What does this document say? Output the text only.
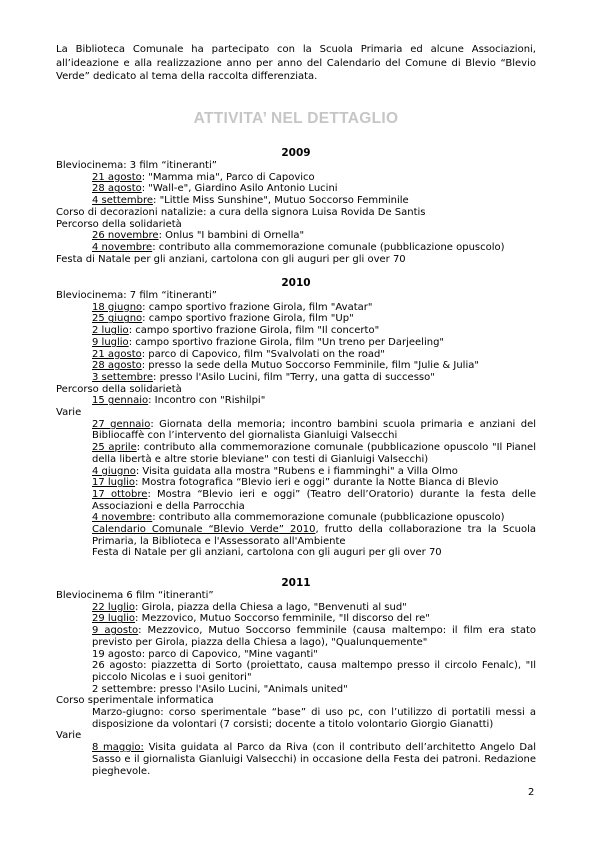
La Biblioteca Comunale ha partecipato con la Scuola Primaria ed alcune Associazioni, all’ideazione e alla realizzazione anno per anno del Calendario del Comune di Blevio “Blevio Verde” dedicato al tema della raccolta differenziata.
ATTIVITA’ NEL DETTAGLIO
2009
Bleviocinema: 3 film “itineranti”
21 agosto: "Mamma mia", Parco di Capovico
28 agosto: "Wall-e", Giardino Asilo Antonio Lucini
4 settembre: "Little Miss Sunshine", Mutuo Soccorso Femminile
Corso di decorazioni natalizie: a cura della signora Luisa Rovida De Santis
Percorso della solidarietà
26 novembre: Onlus "I bambini di Ornella"
4 novembre: contributo alla commemorazione comunale (pubblicazione opuscolo)
Festa di Natale per gli anziani, cartolona con gli auguri per gli over 70
2010
Bleviocinema: 7 film “itineranti”
18 giugno: campo sportivo frazione Girola, film "Avatar"
25 giugno: campo sportivo frazione Girola, film "Up"
2 luglio: campo sportivo frazione Girola, film "Il concerto"
9 luglio: campo sportivo frazione Girola, film "Un treno per Darjeeling"
21 agosto: parco di Capovico, film "Svalvolati on the road"
28 agosto: presso la sede della Mutuo Soccorso Femminile, film "Julie & Julia"
3 settembre: presso l'Asilo Lucini, film "Terry, una gatta di successo"
Percorso della solidarietà
15 gennaio: Incontro con "Rishilpi"
Varie
27 gennaio: Giornata della memoria; incontro bambini scuola primaria e anziani del Bibliocaffè con l’intervento del giornalista Gianluigi Valsecchi
25 aprile: contributo alla commemorazione comunale (pubblicazione opuscolo "Il Pianel della libertà e altre storie bleviane" con testi di Gianluigi Valsecchi)
4 giugno: Visita guidata alla mostra "Rubens e i fiamminghi" a Villa Olmo
17 luglio: Mostra fotografica “Blevio ieri e oggi” durante la Notte Bianca di Blevio
17 ottobre: Mostra “Blevio ieri e oggi” (Teatro dell’Oratorio) durante la festa delle Associazioni e della Parrocchia
4 novembre: contributo alla commemorazione comunale (pubblicazione opuscolo)
Calendario Comunale “Blevio Verde” 2010, frutto della collaborazione tra la Scuola Primaria, la Biblioteca e l'Assessorato all'Ambiente
Festa di Natale per gli anziani, cartolona con gli auguri per gli over 70
2011
Bleviocinema 6 film “itineranti”
22 luglio: Girola, piazza della Chiesa a lago, "Benvenuti al sud"
29 luglio: Mezzovico, Mutuo Soccorso femminile, "Il discorso del re"
9 agosto: Mezzovico, Mutuo Soccorso femminile (causa maltempo: il film era stato previsto per Girola, piazza della Chiesa a lago), "Qualunquemente"
19 agosto: parco di Capovico, "Mine vaganti"
26 agosto: piazzetta di Sorto (proiettato, causa maltempo presso il circolo Fenalc), "Il piccolo Nicolas e i suoi genitori"
2 settembre: presso l'Asilo Lucini, "Animals united"
Corso sperimentale informatica
Marzo-giugno: corso sperimentale “base” di uso pc, con l’utilizzo di portatili messi a disposizione da volontari (7 corsisti; docente a titolo volontario Giorgio Gianatti)
Varie
8 maggio: Visita guidata al Parco da Riva (con il contributo dell’architetto Angelo Dal Sasso e il giornalista Gianluigi Valsecchi) in occasione della Festa dei patroni. Redazione pieghevole.
2
